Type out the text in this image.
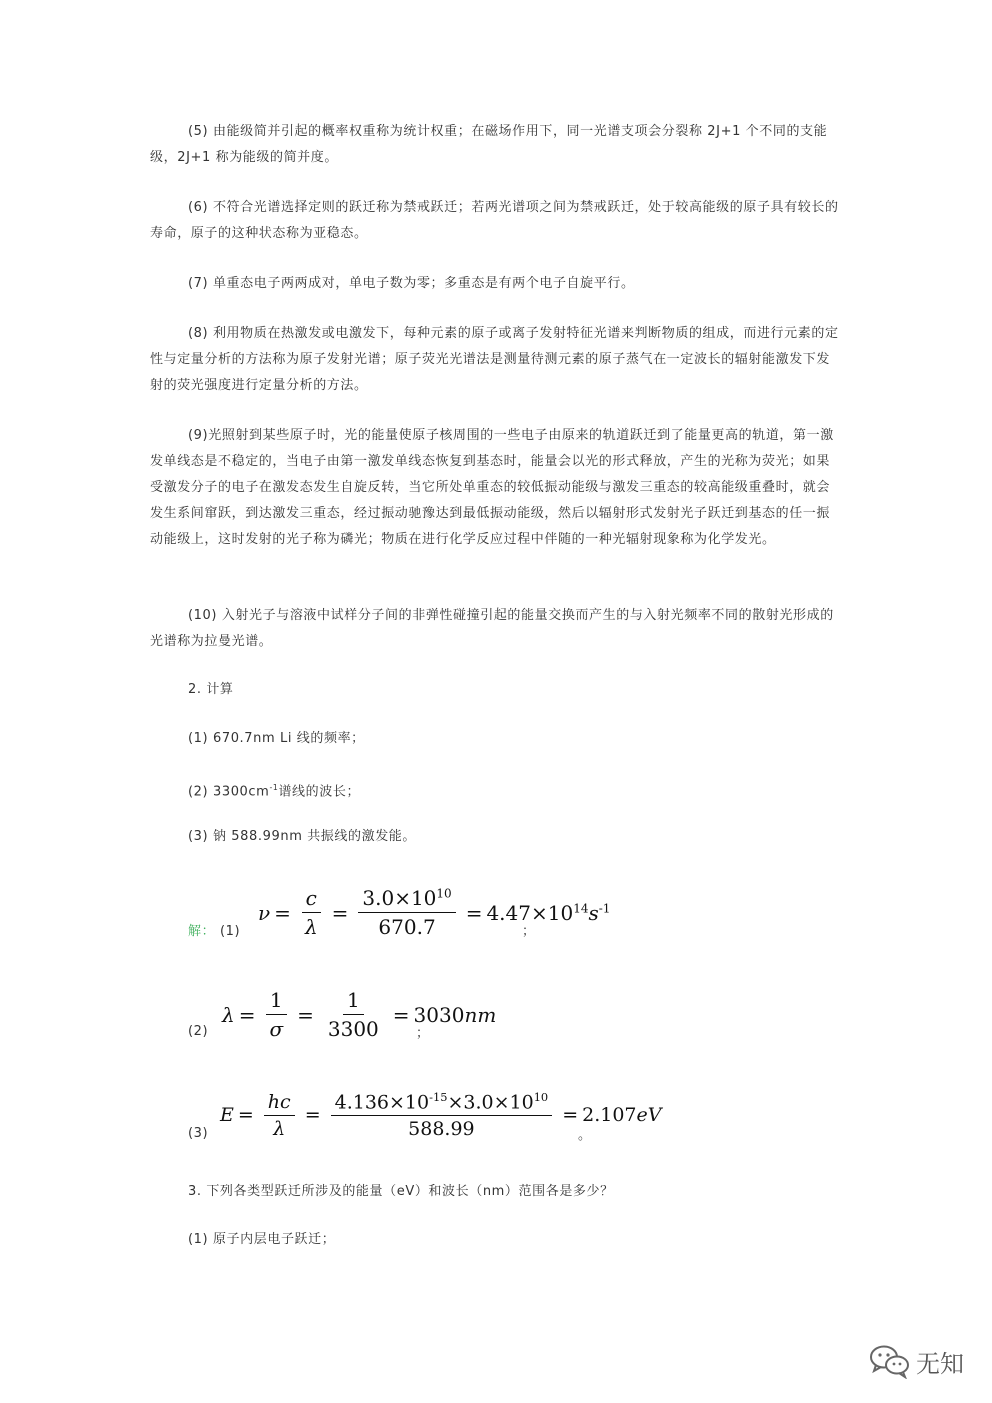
(5) 由能级简并引起的概率权重称为统计权重；在磁场作用下，同一光谱支项会分裂称 2J+1 个不同的支能级，2J+1 称为能级的简并度。

(6) 不符合光谱选择定则的跃迁称为禁戒跃迁；若两光谱项之间为禁戒跃迁，处于较高能级的原子具有较长的寿命，原子的这种状态称为亚稳态。

(7) 单重态电子两两成对，单电子数为零；多重态是有两个电子自旋平行。

(8) 利用物质在热激发或电激发下，每种元素的原子或离子发射特征光谱来判断物质的组成，而进行元素的定性与定量分析的方法称为原子发射光谱；原子荧光光谱法是测量待测元素的原子蒸气在一定波长的辐射能激发下发射的荧光强度进行定量分析的方法。

(9)光照射到某些原子时，光的能量使原子核周围的一些电子由原来的轨道跃迁到了能量更高的轨道，第一激发单线态是不稳定的，当电子由第一激发单线态恢复到基态时，能量会以光的形式释放，产生的光称为荧光；如果受激发分子的电子在激发态发生自旋反转，当它所处单重态的较低振动能级与激发三重态的较高能级重叠时，就会发生系间窜跃，到达激发三重态，经过振动驰豫达到最低振动能级，然后以辐射形式发射光子跃迁到基态的任一振动能级上，这时发射的光子称为磷光；物质在进行化学反应过程中伴随的一种光辐射现象称为化学发光。

(10) 入射光子与溶液中试样分子间的非弹性碰撞引起的能量交换而产生的与入射光频率不同的散射光形成的光谱称为拉曼光谱。

2. 计算
(1) 670.7nm Li 线的频率；
(2) $3300cm^{-1}$谱线的波长；
(3) 钠 588.99nm 共振线的激发能。
解： (1)
$\nu = \frac{c}{\lambda} = \frac{3.0\times 10^{10}}{670.7} = 4.47\times 10^{14}s^{-1}$
；
(2)
$\lambda = \frac{1}{\sigma} = \frac{1}{3300} = 3030nm$
；
(3)
$E = \frac{hc}{\lambda} = \frac{4.136\times 10^{-15}\times 3.0\times 10^{10}}{588.99} = 2.107eV$
。
3. 下列各类型跃迁所涉及的能量（eV）和波长（nm）范围各是多少？
(1) 原子内层电子跃迁；
无知
